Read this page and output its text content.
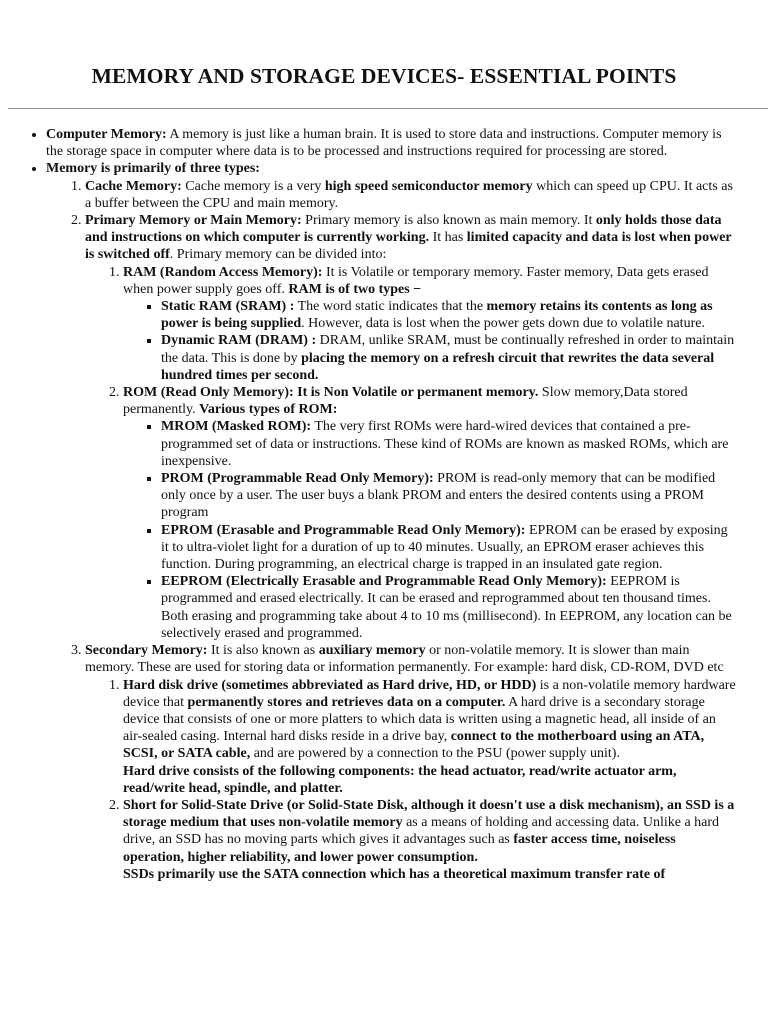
MEMORY AND STORAGE DEVICES- ESSENTIAL POINTS
• Computer Memory: A memory is just like a human brain. It is used to store data and instructions. Computer memory is the storage space in computer where data is to be processed and instructions required for processing are stored.
• Memory is primarily of three types:
1. Cache Memory: Cache memory is a very high speed semiconductor memory which can speed up CPU. It acts as a buffer between the CPU and main memory.
2. Primary Memory or Main Memory: Primary memory is also known as main memory. It only holds those data and instructions on which computer is currently working. It has limited capacity and data is lost when power is switched off. Primary memory can be divided into:
1. RAM (Random Access Memory): It is Volatile or temporary memory. Faster memory, Data gets erased when power supply goes off. RAM is of two types −
▪ Static RAM (SRAM) : The word static indicates that the memory retains its contents as long as power is being supplied. However, data is lost when the power gets down due to volatile nature.
▪ Dynamic RAM (DRAM) : DRAM, unlike SRAM, must be continually refreshed in order to maintain the data. This is done by placing the memory on a refresh circuit that rewrites the data several hundred times per second.
2. ROM (Read Only Memory): It is Non Volatile or permanent memory. Slow memory,Data stored permanently. Various types of ROM:
▪ MROM (Masked ROM): The very first ROMs were hard-wired devices that contained a pre-programmed set of data or instructions. These kind of ROMs are known as masked ROMs, which are inexpensive.
▪ PROM (Programmable Read Only Memory): PROM is read-only memory that can be modified only once by a user. The user buys a blank PROM and enters the desired contents using a PROM program
▪ EPROM (Erasable and Programmable Read Only Memory): EPROM can be erased by exposing it to ultra-violet light for a duration of up to 40 minutes. Usually, an EPROM eraser achieves this function. During programming, an electrical charge is trapped in an insulated gate region.
▪ EEPROM (Electrically Erasable and Programmable Read Only Memory): EEPROM is programmed and erased electrically. It can be erased and reprogrammed about ten thousand times. Both erasing and programming take about 4 to 10 ms (millisecond). In EEPROM, any location can be selectively erased and programmed.
3. Secondary Memory: It is also known as auxiliary memory or non-volatile memory. It is slower than main memory. These are used for storing data or information permanently. For example: hard disk, CD-ROM, DVD etc
1. Hard disk drive (sometimes abbreviated as Hard drive, HD, or HDD) is a non-volatile memory hardware device that permanently stores and retrieves data on a computer. A hard drive is a secondary storage device that consists of one or more platters to which data is written using a magnetic head, all inside of an air-sealed casing. Internal hard disks reside in a drive bay, connect to the motherboard using an ATA, SCSI, or SATA cable, and are powered by a connection to the PSU (power supply unit).
Hard drive consists of the following components: the head actuator, read/write actuator arm, read/write head, spindle, and platter.
2. Short for Solid-State Drive (or Solid-State Disk, although it doesn't use a disk mechanism), an SSD is a storage medium that uses non-volatile memory as a means of holding and accessing data. Unlike a hard drive, an SSD has no moving parts which gives it advantages such as faster access time, noiseless operation, higher reliability, and lower power consumption.
SSDs primarily use the SATA connection which has a theoretical maximum transfer rate of
